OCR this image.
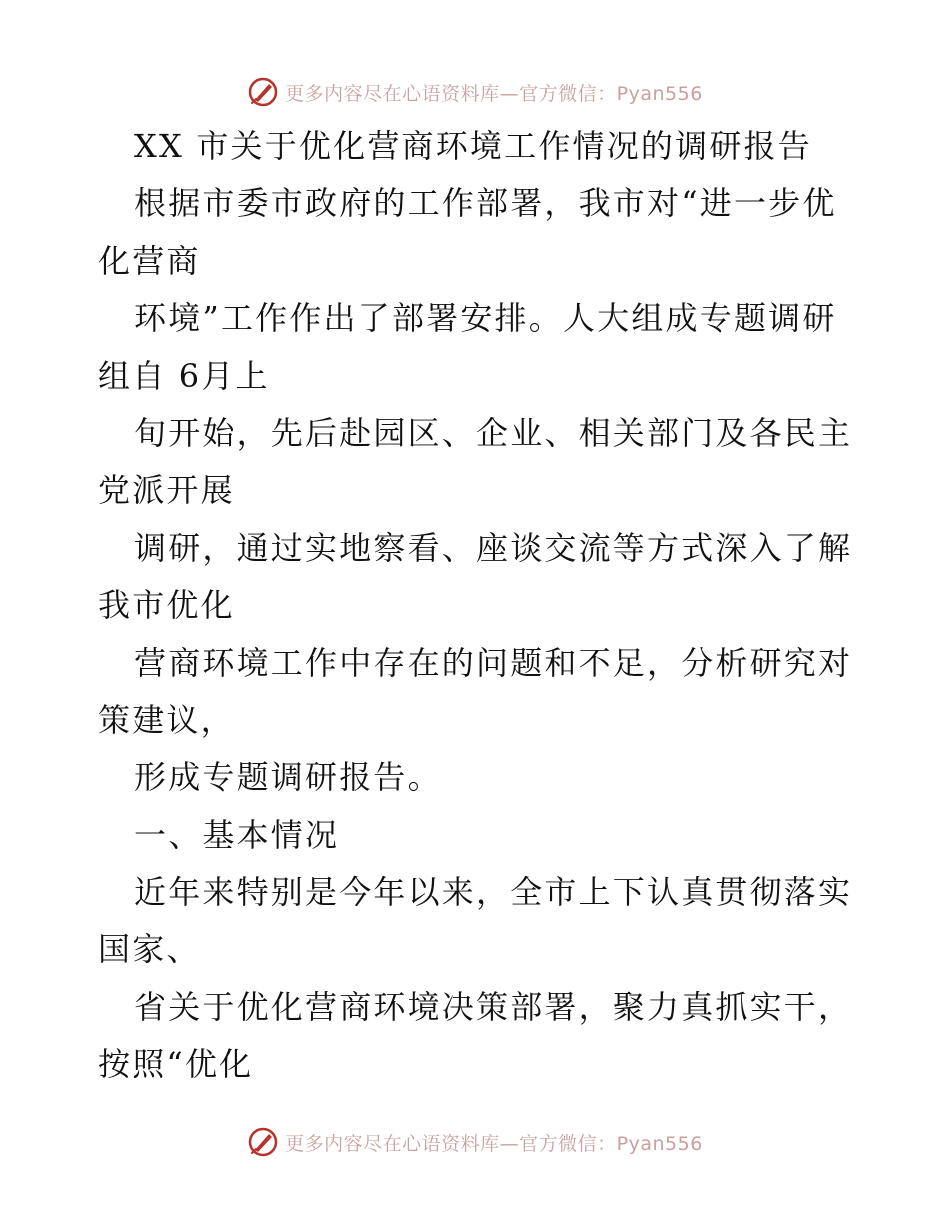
更多内容尽在心语资料库—官方微信：Pyan556
XX 市关于优化营商环境工作情况的调研报告
根据市委市政府的工作部署，我市对“进一步优
化营商
环境”工作作出了部署安排。人大组成专题调研
组自 6月上
旬开始，先后赴园区、企业、相关部门及各民主
党派开展
调研，通过实地察看、座谈交流等方式深入了解
我市优化
营商环境工作中存在的问题和不足，分析研究对
策建议，
形成专题调研报告。
一、基本情况
近年来特别是今年以来，全市上下认真贯彻落实
国家、
省关于优化营商环境决策部署，聚力真抓实干，
按照“优化
更多内容尽在心语资料库—官方微信：Pyan556
